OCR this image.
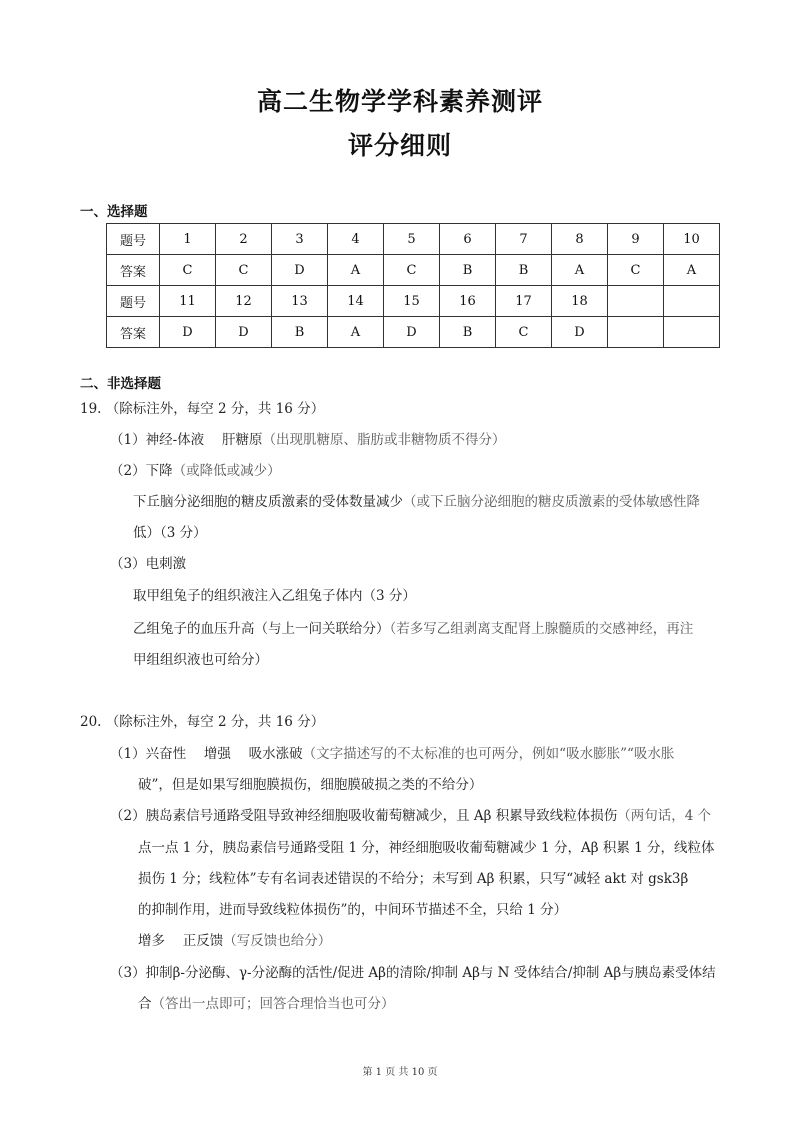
高二生物学学科素养测评
评分细则
一、选择题
题号	1	2	3	4	5	6	7	8	9	10
答案	C	C	D	A	C	B	B	A	C	A
题号	11	12	13	14	15	16	17	18		
答案	D	D	B	A	D	B	C	D		
二、非选择题
19. （除标注外，每空 2 分，共 16 分）
（1）神经-体液　 肝糖原（出现肌糖原、脂肪或非糖物质不得分）
（2）下降（或降低或减少）
下丘脑分泌细胞的糖皮质激素的受体数量减少（或下丘脑分泌细胞的糖皮质激素的受体敏感性降
低）（3 分）
（3）电刺激
取甲组兔子的组织液注入乙组兔子体内（3 分）
乙组兔子的血压升高（与上一问关联给分）（若多写乙组剥离支配肾上腺髓质的交感神经，再注
甲组组织液也可给分）
20. （除标注外，每空 2 分，共 16 分）
（1）兴奋性　 增强　 吸水涨破（文字描述写的不太标准的也可两分，例如“吸水膨胀”“吸水胀
破”，但是如果写细胞膜损伤，细胞膜破损之类的不给分）
（2）胰岛素信号通路受阻导致神经细胞吸收葡萄糖减少，且 Aβ 积累导致线粒体损伤（两句话，4 个
点一点 1 分，胰岛素信号通路受阻 1 分，神经细胞吸收葡萄糖减少 1 分，Aβ 积累 1 分，线粒体
损伤 1 分；线粒体”专有名词表述错误的不给分；未写到 Aβ 积累，只写“减轻 akt 对 gsk3β
的抑制作用，进而导致线粒体损伤”的，中间环节描述不全，只给 1 分）
增多　 正反馈（写反馈也给分）
（3）抑制β-分泌酶、γ-分泌酶的活性/促进 Aβ的清除/抑制 Aβ与 N 受体结合/抑制 Aβ与胰岛素受体结
合（答出一点即可；回答合理恰当也可分）
第 1 页 共 10 页
